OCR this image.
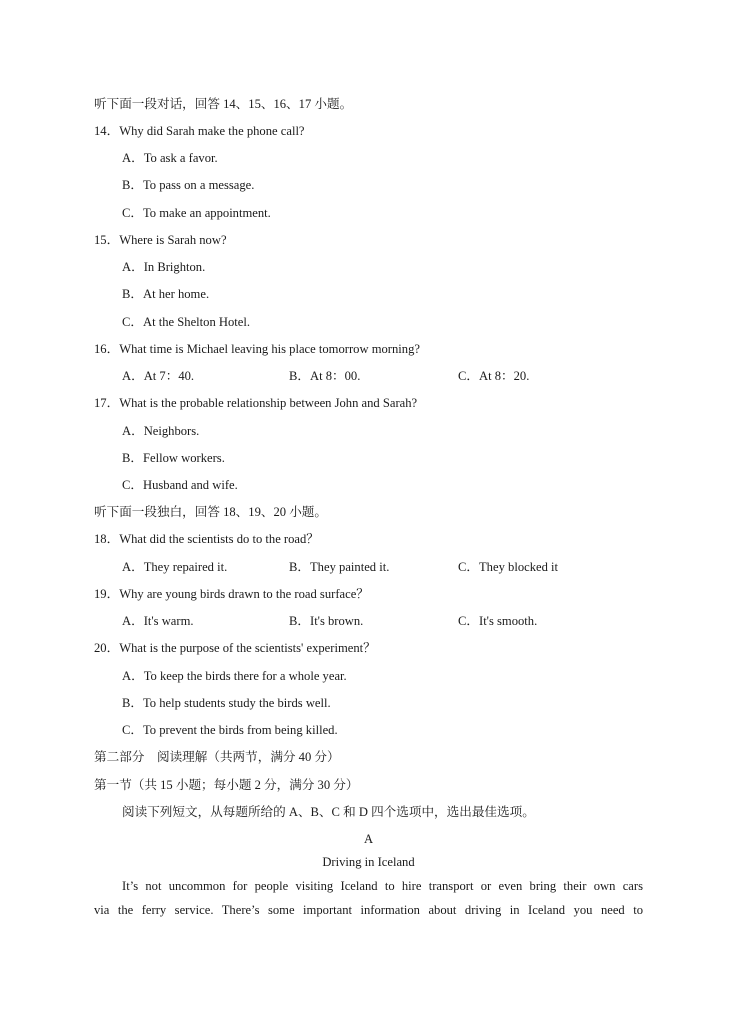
听下面一段对话，回答 14、15、16、17 小题。
14．Why did Sarah make the phone call?
A．To ask a favor.
B．To pass on a message.
C．To make an appointment.
15．Where is Sarah now?
A．In Brighton.
B．At her home.
C．At the Shelton Hotel.
16．What time is Michael leaving his place tomorrow morning?
A．At 7：40.	B．At 8：00.	C．At 8：20.
17．What is the probable relationship between John and Sarah?
A．Neighbors.
B．Fellow workers.
C．Husband and wife.
听下面一段独白，回答 18、19、20 小题。
18．What did the scientists do to the road？
A．They repaired it.	B．They painted it.	C．They blocked it
19．Why are young birds drawn to the road surface？
A．It's warm.	B．It's brown.	C．It's smooth.
20．What is the purpose of the scientists' experiment？
A．To keep the birds there for a whole year.
B．To help students study the birds well.
C．To prevent the birds from being killed.
第二部分　阅读理解（共两节，满分 40 分）
第一节（共 15 小题；每小题 2 分，满分 30 分）
阅读下列短文，从每题所给的 A、B、C 和 D 四个选项中，选出最佳选项。
A
Driving in Iceland
It’s not uncommon for people visiting Iceland to hire transport or even bring their own cars
via the ferry service. There’s some important information about driving in Iceland you need to
